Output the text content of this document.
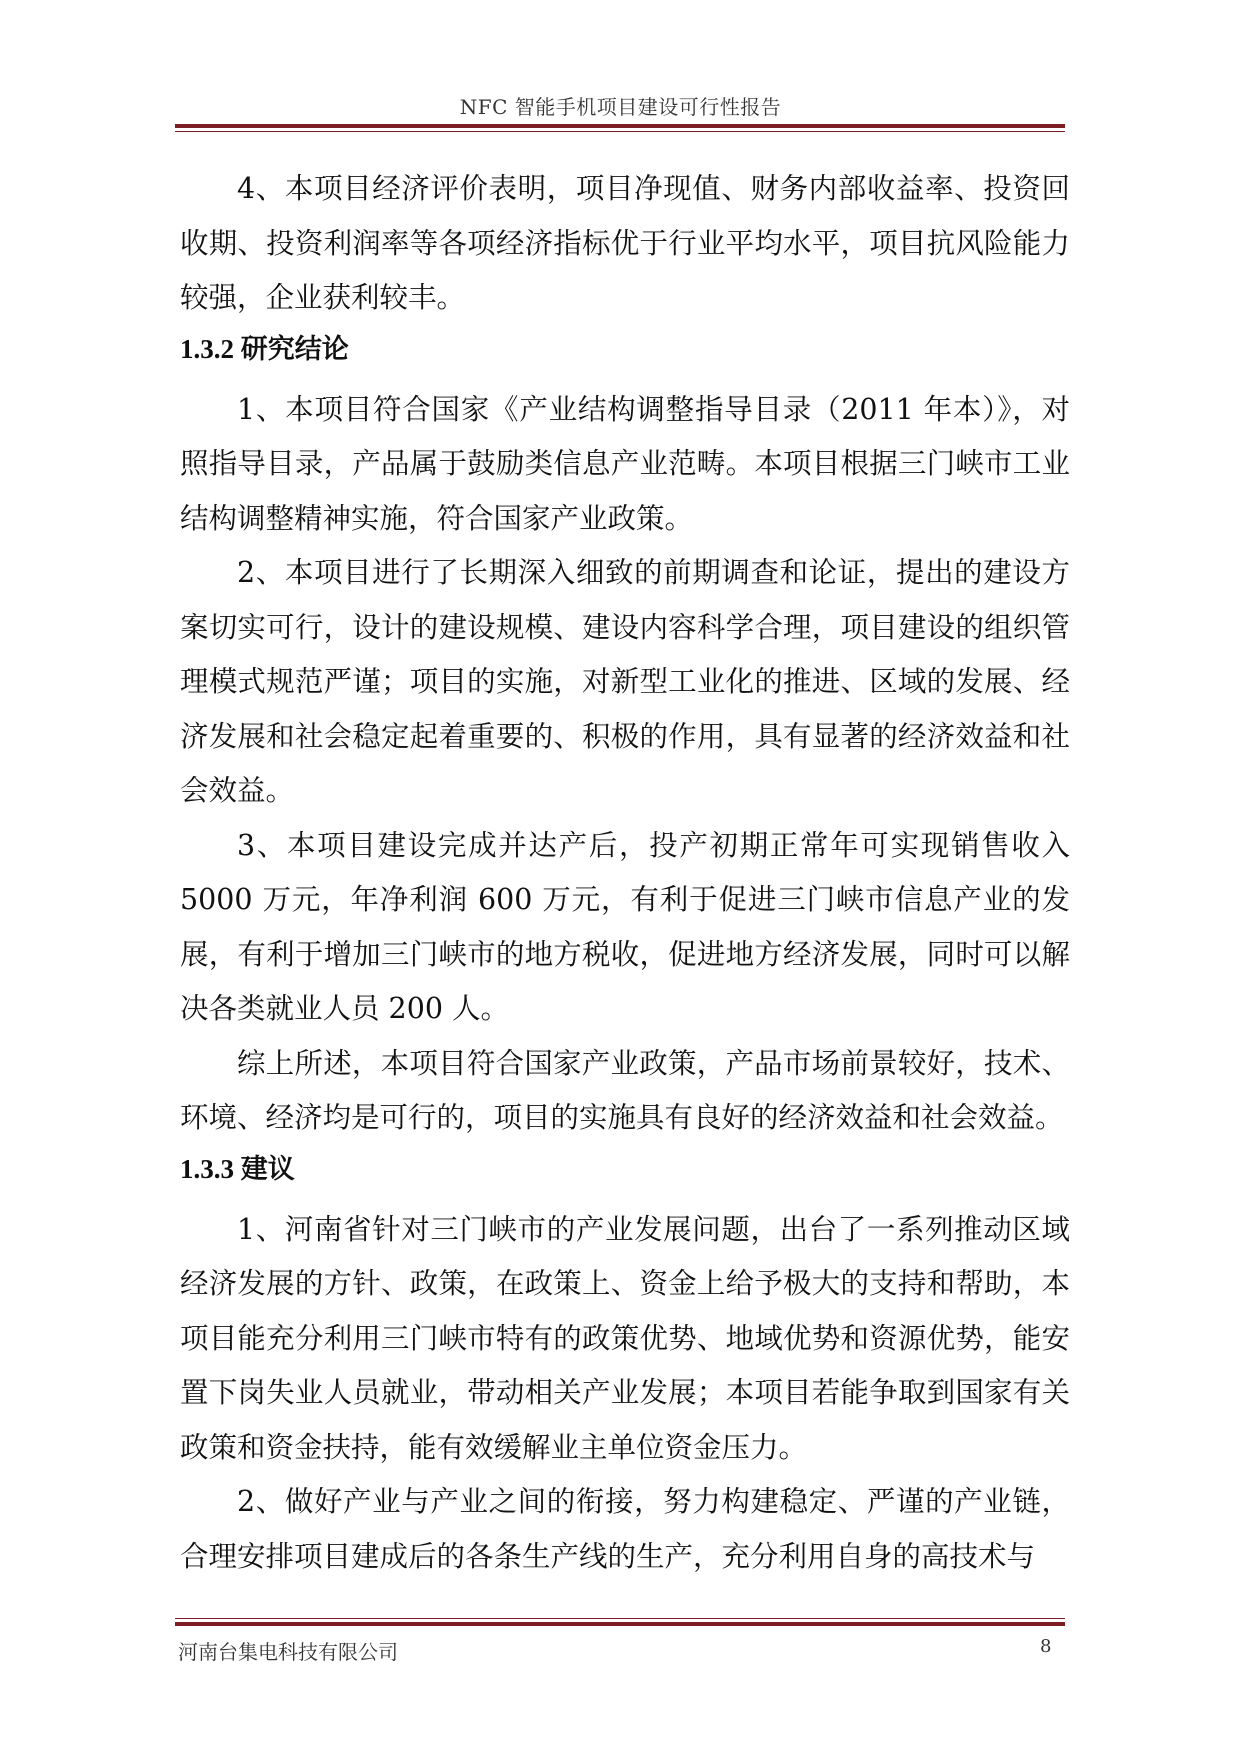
NFC 智能手机项目建设可行性报告

4、本项目经济评价表明，项目净现值、财务内部收益率、投资回收期、投资利润率等各项经济指标优于行业平均水平，项目抗风险能力较强，企业获利较丰。

1.3.2 研究结论

1、本项目符合国家《产业结构调整指导目录（2011 年本）》，对照指导目录，产品属于鼓励类信息产业范畴。本项目根据三门峡市工业结构调整精神实施，符合国家产业政策。

2、本项目进行了长期深入细致的前期调查和论证，提出的建设方案切实可行，设计的建设规模、建设内容科学合理，项目建设的组织管理模式规范严谨；项目的实施，对新型工业化的推进、区域的发展、经济发展和社会稳定起着重要的、积极的作用，具有显著的经济效益和社会效益。

3、本项目建设完成并达产后，投产初期正常年可实现销售收入5000 万元，年净利润 600 万元，有利于促进三门峡市信息产业的发展，有利于增加三门峡市的地方税收，促进地方经济发展，同时可以解决各类就业人员 200 人。

综上所述，本项目符合国家产业政策，产品市场前景较好，技术、环境、经济均是可行的，项目的实施具有良好的经济效益和社会效益。

1.3.3 建议

1、河南省针对三门峡市的产业发展问题，出台了一系列推动区域经济发展的方针、政策，在政策上、资金上给予极大的支持和帮助，本项目能充分利用三门峡市特有的政策优势、地域优势和资源优势，能安置下岗失业人员就业，带动相关产业发展；本项目若能争取到国家有关政策和资金扶持，能有效缓解业主单位资金压力。

2、做好产业与产业之间的衔接，努力构建稳定、严谨的产业链，合理安排项目建成后的各条生产线的生产，充分利用自身的高技术与

河南台集电科技有限公司	8
